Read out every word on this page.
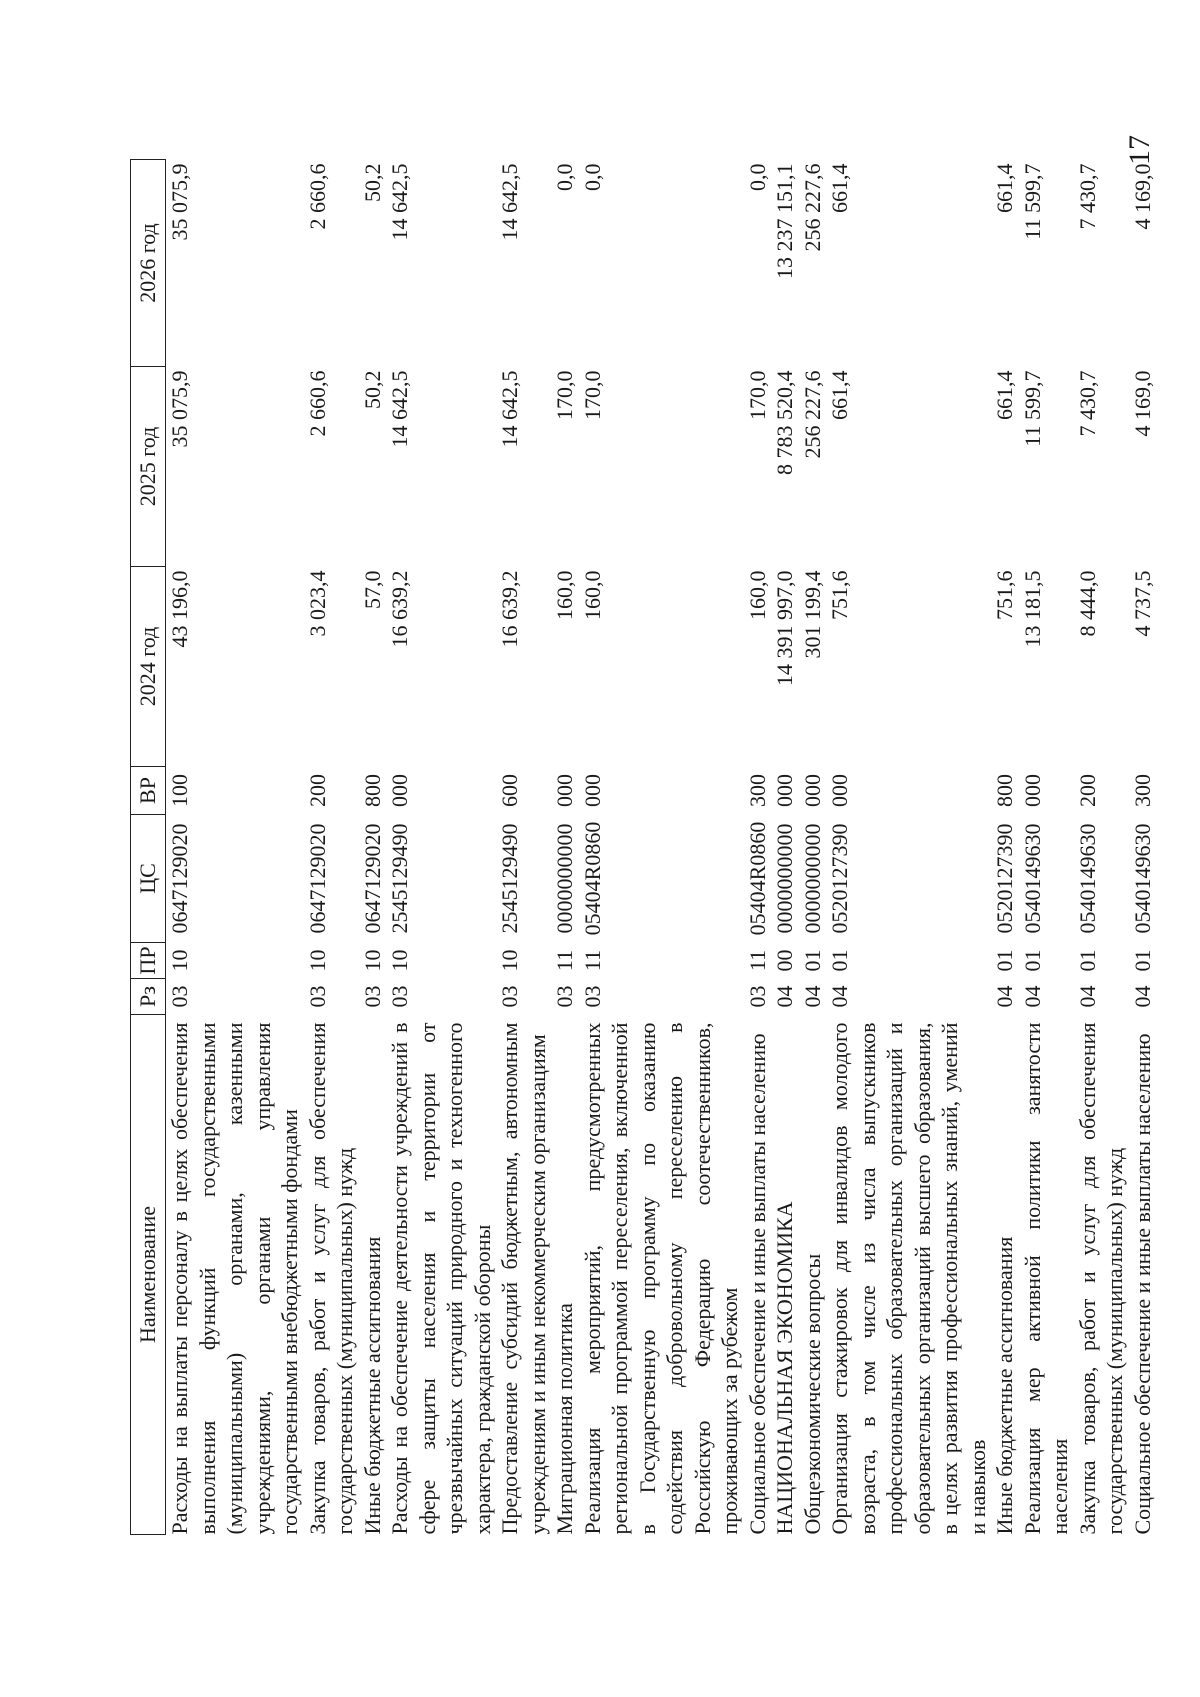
17
Наименование	Рз	ПР	ЦС	ВР	2024 год	2025 год	2026 год
Расходы на выплаты персоналу в целях обеспечения выполнения функций государственными (муниципальными) органами, казенными учреждениями, органами управления государственными внебюджетными фондами	03	10	0647129020	100	43 196,0	35 075,9	35 075,9
Закупка товаров, работ и услуг для обеспечения государственных (муниципальных) нужд	03	10	0647129020	200	3 023,4	2 660,6	2 660,6
Иные бюджетные ассигнования	03	10	0647129020	800	57,0	50,2	50,2
Расходы на обеспечение деятельности учреждений в сфере защиты населения и территории от чрезвычайных ситуаций природного и техногенного характера, гражданской обороны	03	10	2545129490	000	16 639,2	14 642,5	14 642,5
Предоставление субсидий бюджетным, автономным учреждениям и иным некоммерческим организациям	03	10	2545129490	600	16 639,2	14 642,5	14 642,5
Миграционная политика	03	11	0000000000	000	160,0	170,0	0,0
Реализация мероприятий, предусмотренных региональной программой переселения, включенной в Государственную программу по оказанию содействия добровольному переселению в Российскую Федерацию соотечественников, проживающих за рубежом	03	11	05404R0860	000	160,0	170,0	0,0
Социальное обеспечение и иные выплаты населению	03	11	05404R0860	300	160,0	170,0	0,0
НАЦИОНАЛЬНАЯ ЭКОНОМИКА	04	00	0000000000	000	14 391 997,0	8 783 520,4	13 237 151,1
Общеэкономические вопросы	04	01	0000000000	000	301 199,4	256 227,6	256 227,6
Организация стажировок для инвалидов молодого возраста, в том числе из числа выпускников профессиональных образовательных организаций и образовательных организаций высшего образования, в целях развития профессиональных знаний, умений и навыков	04	01	0520127390	000	751,6	661,4	661,4
Иные бюджетные ассигнования	04	01	0520127390	800	751,6	661,4	661,4
Реализация мер активной политики занятости населения	04	01	0540149630	000	13 181,5	11 599,7	11 599,7
Закупка товаров, работ и услуг для обеспечения государственных (муниципальных) нужд	04	01	0540149630	200	8 444,0	7 430,7	7 430,7
Социальное обеспечение и иные выплаты населению	04	01	0540149630	300	4 737,5	4 169,0	4 169,0
